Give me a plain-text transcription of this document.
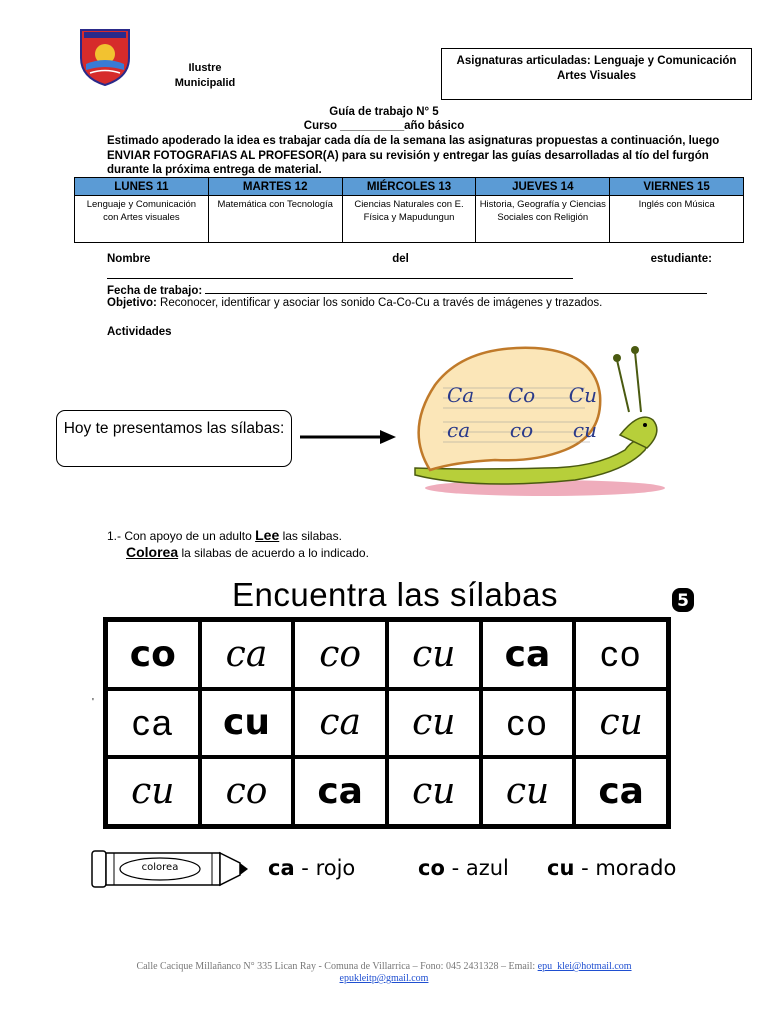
Ilustre
Municipalid
Asignaturas articuladas: Lenguaje y Comunicación
Artes Visuales
Guía de trabajo N° 5
Curso __________año básico
Estimado apoderado la idea es trabajar cada día de la semana las asignaturas propuestas a continuación, luego ENVIAR FOTOGRAFIAS AL PROFESOR(A) para su revisión y entregar las guías desarrolladas al tío del furgón durante la próxima entrega de material.
LUNES 11	MARTES 12	MIÉRCOLES 13	JUEVES 14	VIERNES 15
Lenguaje y Comunicación con Artes visuales	Matemática con Tecnología	Ciencias Naturales con E. Física y Mapudungun	Historia, Geografía y Ciencias Sociales con Religión	Inglés con Música
Nombre	del	estudiante:
Fecha de trabajo:
Objetivo: Reconocer, identificar y asociar los sonido Ca-Co-Cu a través de imágenes y trazados.
Actividades
Hoy te presentamos las sílabas:
Ca Co Cu
ca co cu
1.- Con apoyo de un adulto Lee las silabas.
Colorea la silabas de acuerdo a lo indicado.
Encuentra las sílabas	5
co	ca	co	cu	ca	co
ca	cu	ca	cu	co	cu
cu	co	ca	cu	cu	ca
colorea	ca - rojo	co - azul cu - morado
'
Calle Cacique Millañanco N° 335 Lican Ray - Comuna de Villarrica – Fono: 045 2431328 – Email: epu_klei@hotmail.com
epukleitp@gmail.com
